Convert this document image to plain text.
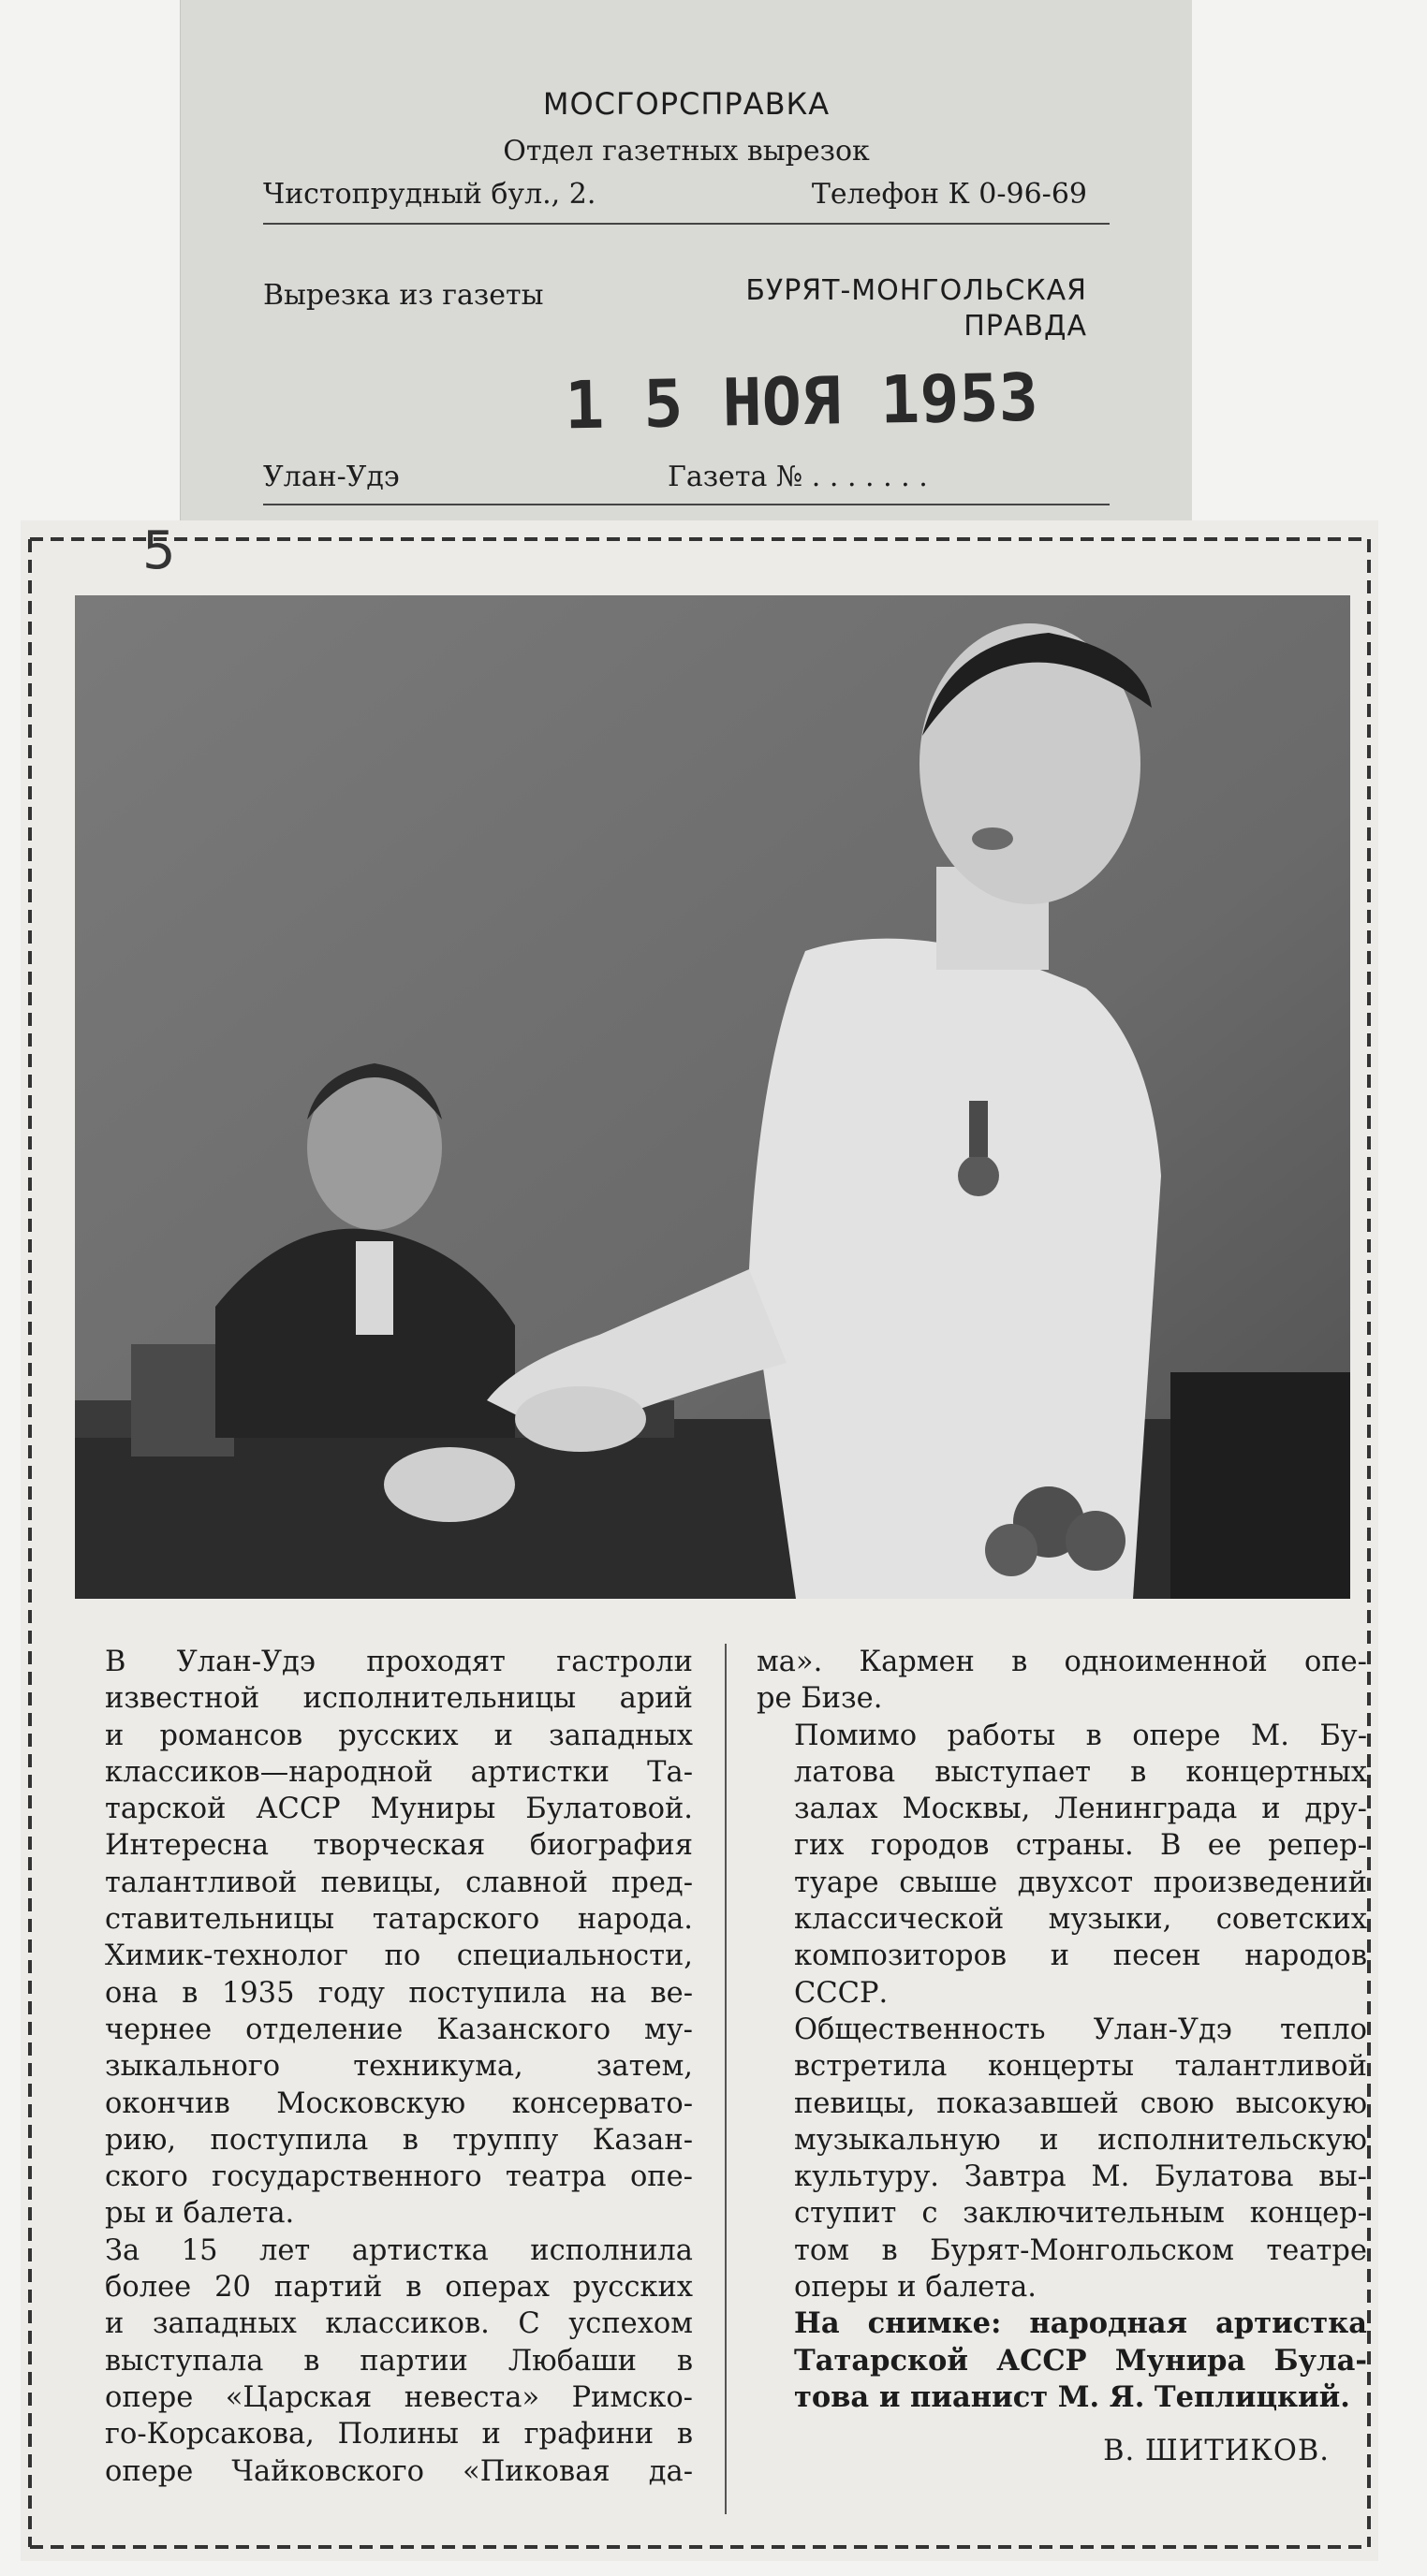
МОСГОРСПРАВКА
Отдел газетных вырезок
Чистопрудный бул., 2.	Телефон К 0-96-69
Вырезка из газеты	БУРЯТ-МОНГОЛЬСКАЯ
ПРАВДА
1 5 НОЯ 1953
Улан-Удэ	Газета № . . . . . . .
5

В Улан-Удэ проходят гастроли
известной исполнительницы арий
и романсов русских и западных
классиков—народной артистки Та-
тарской АССР Муниры Булатовой.
Интересна творческая биография
талантливой певицы, славной пред-
ставительницы татарского народа.
Химик-технолог по специальности,
она в 1935 году поступила на ве-
чернее отделение Казанского му-
зыкального техникума, затем,
окончив Московскую консервато-
рию, поступила в труппу Казан-
ского государственного театра опе-
ры и балета.

За 15 лет артистка исполнила
более 20 партий в операх русских
и западных классиков. С успехом
выступала в партии Любаши в
опере «Царская невеста» Римско-
го-Корсакова, Полины и графини в
опере Чайковского «Пиковая да-

ма». Кармен в одноименной опе-
ре Бизе.

Помимо работы в опере М. Бу-
латова выступает в концертных
залах Москвы, Ленинграда и дру-
гих городов страны. В ее репер-
туаре свыше двухсот произведений
классической музыки, советских
композиторов и песен народов
СССР.

Общественность Улан-Удэ тепло
встретила концерты талантливой
певицы, показавшей свою высокую
музыкальную и исполнительскую
культуру. Завтра М. Булатова вы-
ступит с заключительным концер-
том в Бурят-Монгольском театре
оперы и балета.

На снимке: народная артистка
Татарской АССР Мунира Була-
това и пианист М. Я. Теплицкий.

В. ШИТИКОВ.
